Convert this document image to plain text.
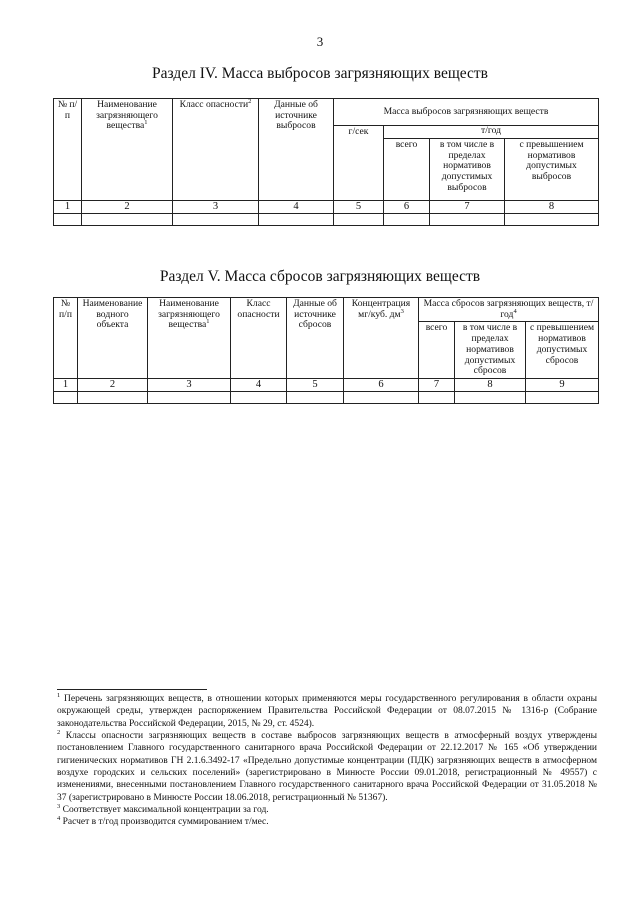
3
Раздел IV. Масса выбросов загрязняющих веществ
№ п/п	Наименование загрязняющего вещества$^1$	Класс опасности$^2$	Данные об источнике выбросов	Масса выбросов загрязняющих веществ			
				г/сек	т/год		
					всего	в том числе в пределах нормативов допустимых выбросов	с превышением нормативов допустимых выбросов
1	2	3	4	5	6	7	8

Раздел V. Масса сбросов загрязняющих веществ
№ п/п	Наименование водного объекта	Наименование загрязняющего вещества$^1$	Класс опасности	Данные об источнике сбросов	Концентрация мг/куб. $дм^3$	Масса сбросов загрязняющих веществ, т/год$^4$
						всего	в том числе в пределах нормативов допустимых сбросов	с превышением нормативов допустимых сбросов
1	2	3	4	5	6	7	8	9

$^1$ Перечень загрязняющих веществ, в отношении которых применяются меры государственного регулирования в области охраны окружающей среды, утвержден распоряжением Правительства Российской Федерации от 08.07.2015 № 1316-р (Собрание законодательства Российской Федерации, 2015, № 29, ст. 4524).

$^2$ Классы опасности загрязняющих веществ в составе выбросов загрязняющих веществ в атмосферный воздух утверждены постановлением Главного государственного санитарного врача Российской Федерации от 22.12.2017 № 165 «Об утверждении гигиенических нормативов ГН 2.1.6.3492-17 «Предельно допустимые концентрации (ПДК) загрязняющих веществ в атмосферном воздухе городских и сельских поселений» (зарегистрировано в Минюсте России 09.01.2018, регистрационный № 49557) с изменениями, внесенными постановлением Главного государственного санитарного врача Российской Федерации от 31.05.2018 № 37 (зарегистрировано в Минюсте России 18.06.2018, регистрационный № 51367).

$^3$ Соответствует максимальной концентрации за год.

$^4$ Расчет в т/год производится суммированием т/мес.
